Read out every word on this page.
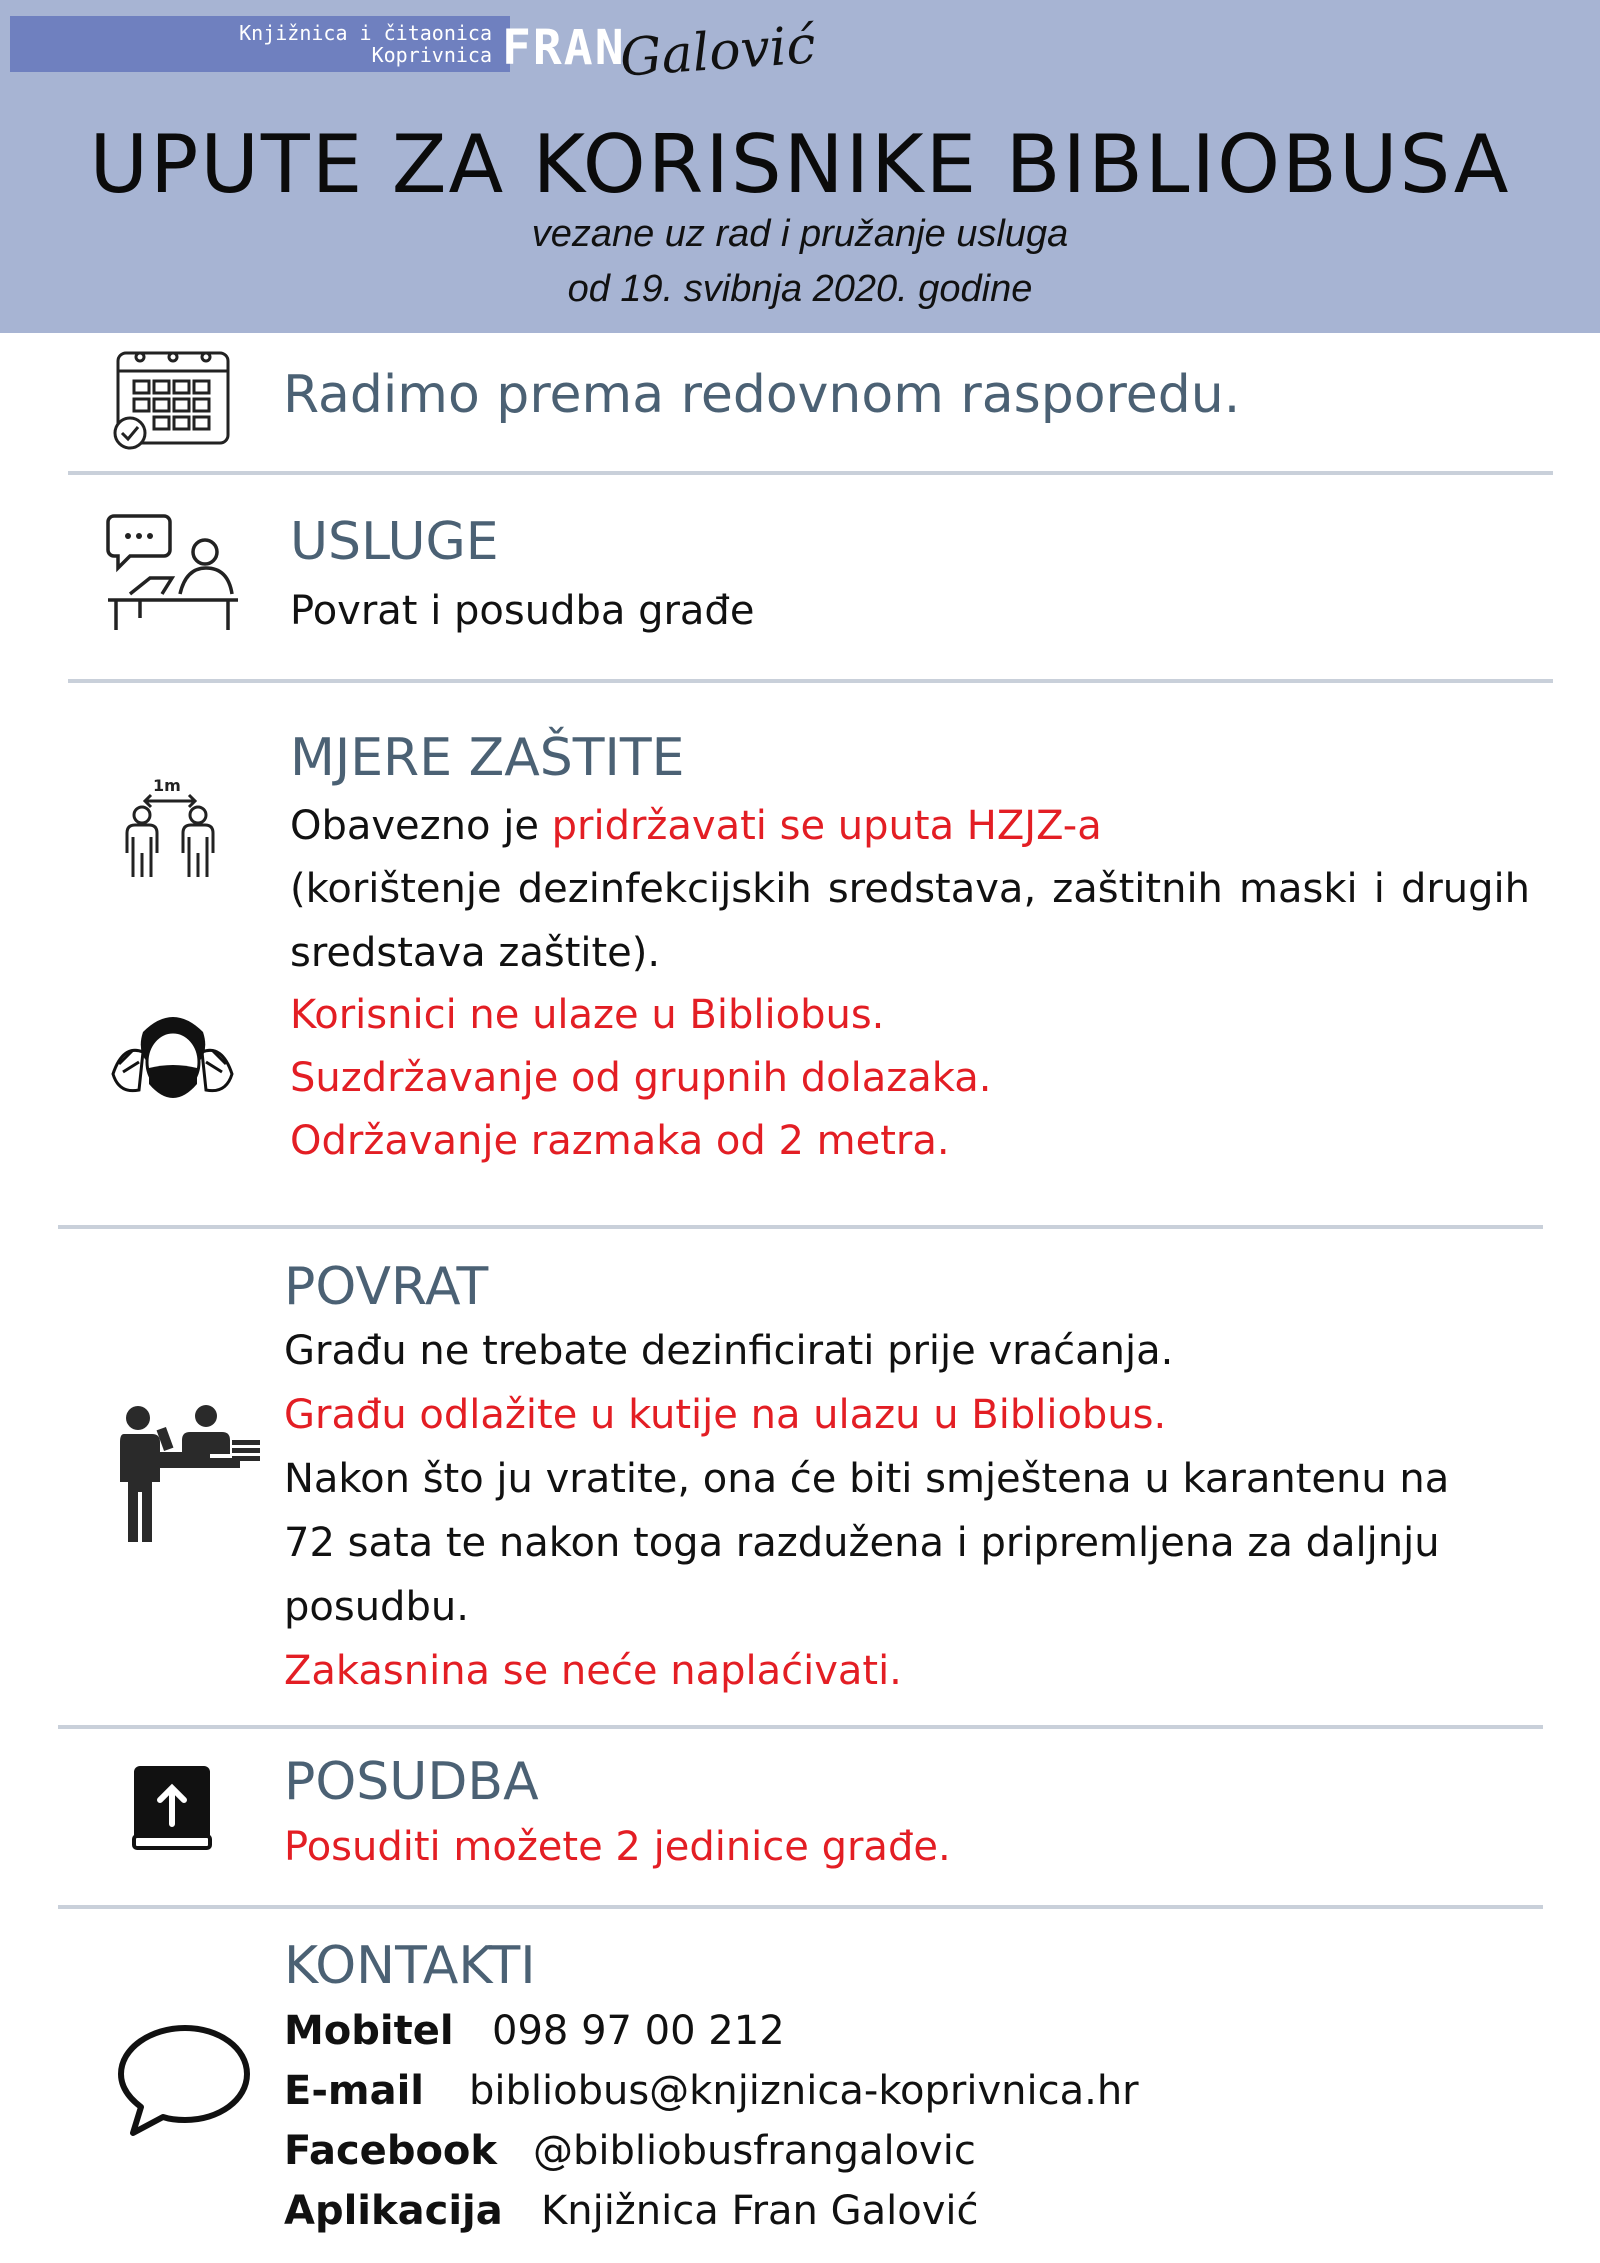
Knjižnica i čitaonica
Koprivnica FRAN
Galović
UPUTE ZA KORISNIKE BIBLIOBUSA
vezane uz rad i pružanje usluga
od 19. svibnja 2020. godine
Radimo prema redovnom rasporedu.
USLUGE
Povrat i posudba građe
1m MJERE ZAŠTITE
Obavezno je pridržavati se uputa HZJZ-a
(korištenje dezinfekcijskih sredstava, zaštitnih maski i drugih sredstava zaštite).
Korisnici ne ulaze u Bibliobus.
Suzdržavanje od grupnih dolazaka.
Održavanje razmaka od 2 metra.
POVRAT
Građu ne trebate dezinficirati prije vraćanja.
Građu odlažite u kutije na ulazu u Bibliobus.
Nakon što ju vratite, ona će biti smještena u karantenu na
72 sata te nakon toga razdužena i pripremljena za daljnju
posudbu.
Zakasnina se neće naplaćivati.
POSUDBA
Posuditi možete 2 jedinice građe.
KONTAKTI
Mobitel 098 97 00 212
E-mail bibliobus@knjiznica-koprivnica.hr
Facebook @bibliobusfrangalovic
Aplikacija Knjižnica Fran Galović
